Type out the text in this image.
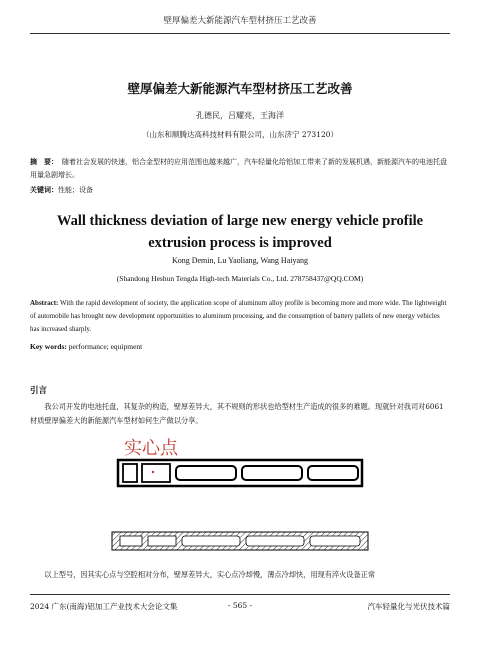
壁厚偏差大新能源汽车型材挤压工艺改善
壁厚偏差大新能源汽车型材挤压工艺改善
孔德民，吕耀亮，王海洋
（山东和顺腾达高科技材料有限公司，山东济宁 273120）
摘　要： 随着社会发展的快速，铝合金型材的应用范围也越来越广，汽车轻量化给铝加工带来了新的发展机遇，新能源汽车的电池托盘用量急剧增长。
关键词：性能；设备
Wall thickness deviation of large new energy vehicle profile extrusion process is improved
Kong Demin, Lu Yaoliang, Wang Haiyang
(Shandong Heshun Tengda High-tech Materials Co., Ltd. 278758437@QQ.COM)
Abstract: With the rapid development of society, the application scope of aluminum alloy profile is becoming more and more wide. The lightweight of automobile has brought new development opportunities to aluminum processing, and the consumption of battery pallets of new energy vehicles has increased sharply.
Key words: performance; equipment
引言
我公司开发的电池托盘，其复杂的构造，壁厚差异大，其不规则的形状也给型材生产造成的很多的难题。现就针对我司对6061材质壁厚偏差大的新能源汽车型材如何生产做以分享。
实心点
以上型号，因其实心点与空腔相对分布，壁厚差异大，实心点冷却慢，薄点冷却快，用现有淬火设备正常
2024 广东(南海)铝加工产业技术大会论文集	- 565 -	汽车轻量化与光伏技术篇
